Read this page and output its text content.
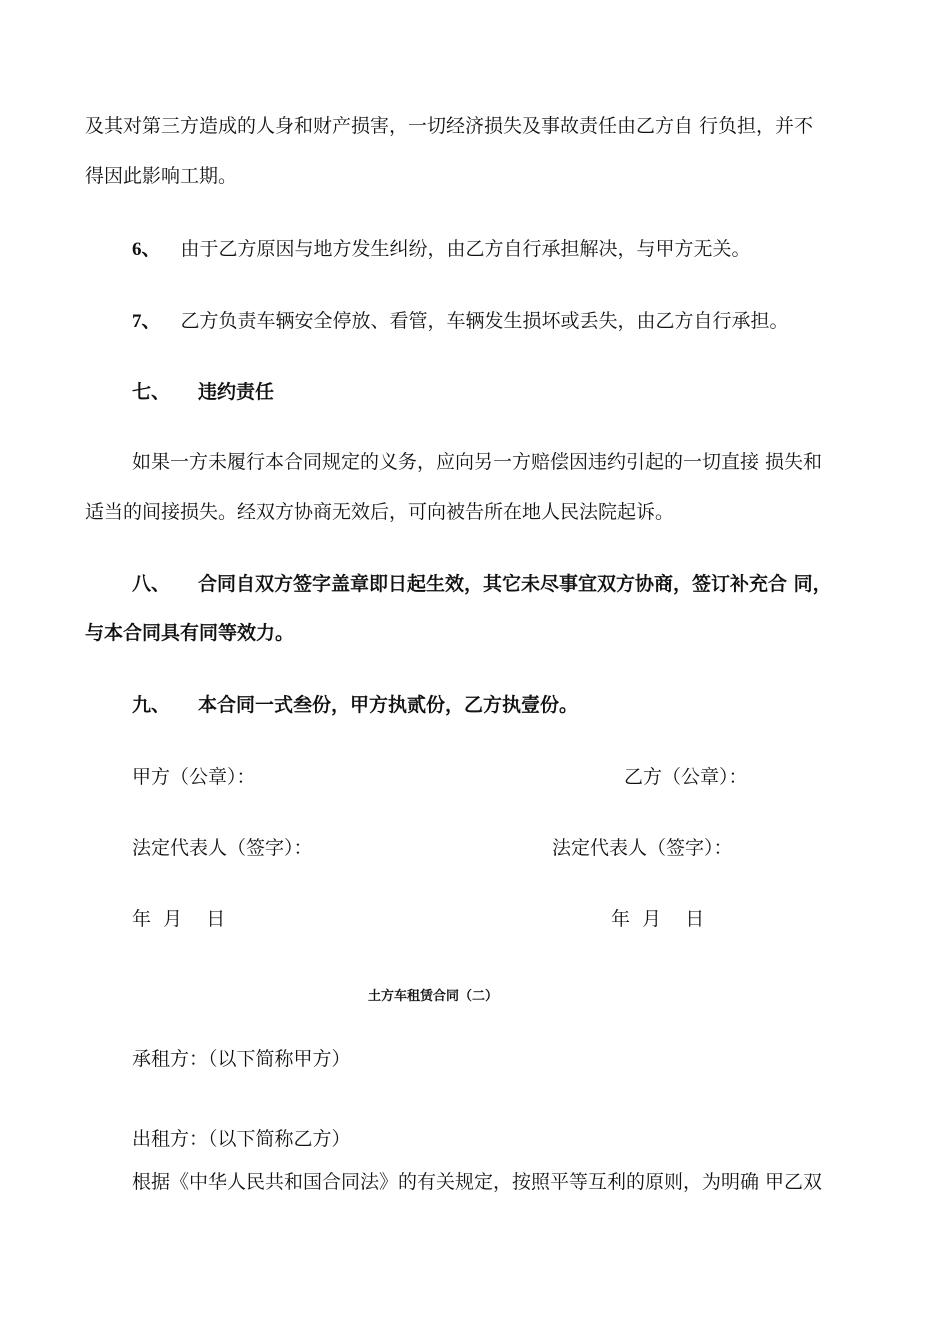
及其对第三方造成的人身和财产损害，一切经济损失及事故责任由乙方自 行负担，并不
得因此影响工期。
6、 由于乙方原因与地方发生纠纷，由乙方自行承担解决，与甲方无关。
7、 乙方负责车辆安全停放、看管，车辆发生损坏或丢失，由乙方自行承担。
七、 违约责任
如果一方未履行本合同规定的义务，应向另一方赔偿因违约引起的一切直接 损失和
适当的间接损失。经双方协商无效后，可向被告所在地人民法院起诉。
八、 合同自双方签字盖章即日起生效，其它未尽事宜双方协商，签订补充合 同，
与本合同具有同等效力。
九、 本合同一式叁份，甲方执贰份，乙方执壹份。
甲方（公章）：	乙方（公章）：
法定代表人（签字）：	法定代表人（签字）：
年  月    日	年  月    日
土方车租赁合同（二）
承租方：（以下简称甲方）
出租方：（以下简称乙方）
根据《中华人民共和国合同法》的有关规定，按照平等互利的原则，为明确 甲乙双
